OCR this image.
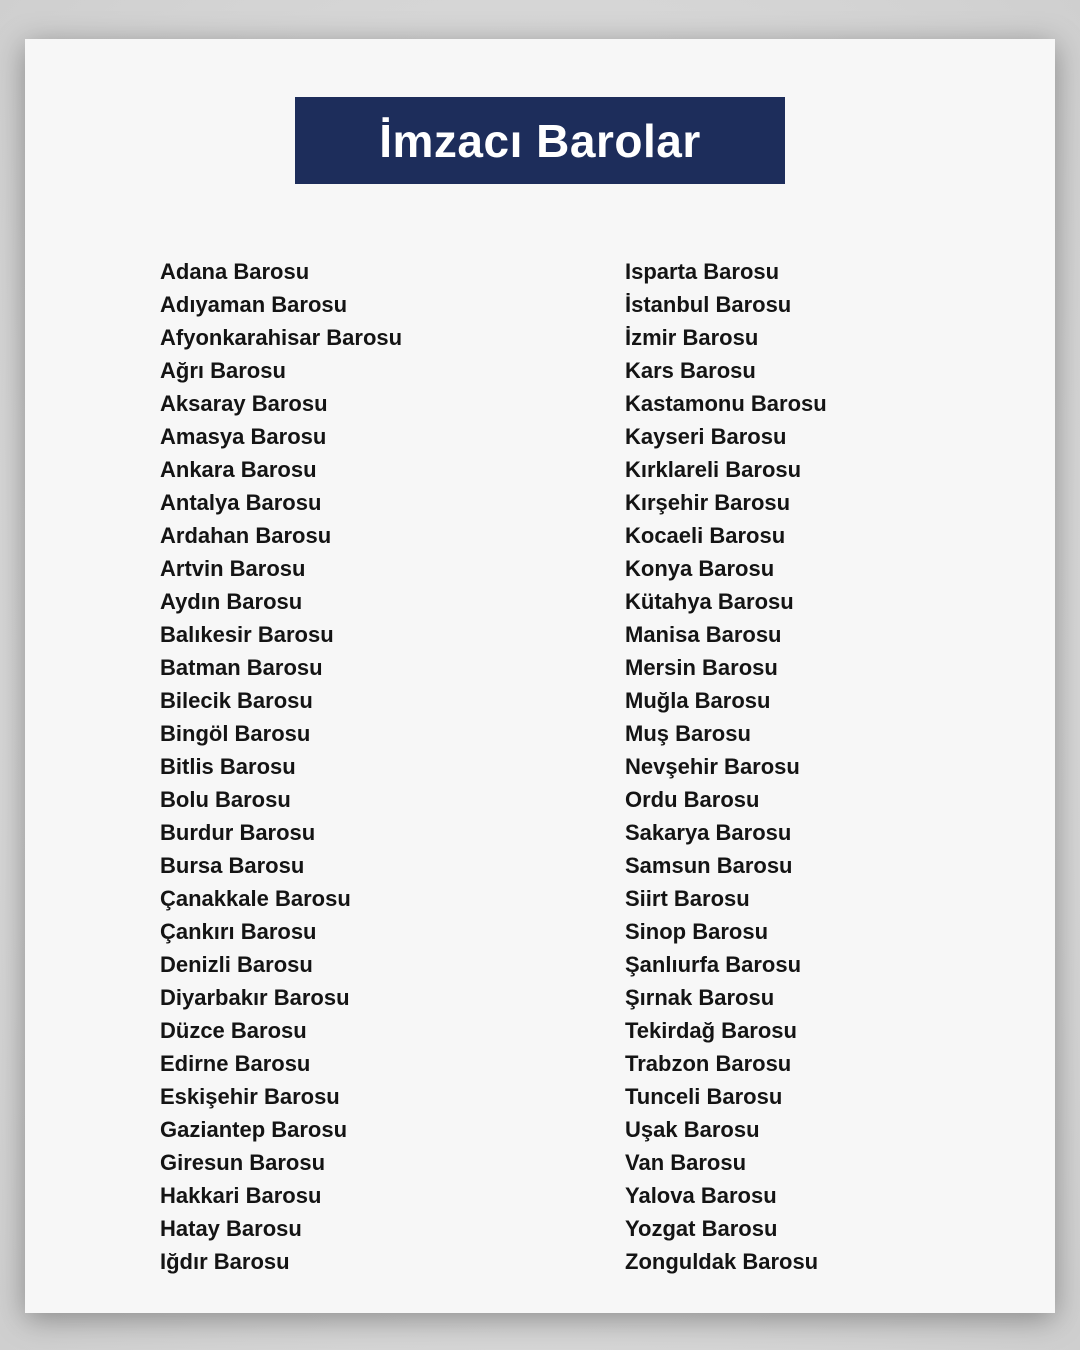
İmzacı Barolar
Adana Barosu
Adıyaman Barosu
Afyonkarahisar Barosu
Ağrı Barosu
Aksaray Barosu
Amasya Barosu
Ankara Barosu
Antalya Barosu
Ardahan Barosu
Artvin Barosu
Aydın Barosu
Balıkesir Barosu
Batman Barosu
Bilecik Barosu
Bingöl Barosu
Bitlis Barosu
Bolu Barosu
Burdur Barosu
Bursa Barosu
Çanakkale Barosu
Çankırı Barosu
Denizli Barosu
Diyarbakır Barosu
Düzce Barosu
Edirne Barosu
Eskişehir Barosu
Gaziantep Barosu
Giresun Barosu
Hakkari Barosu
Hatay Barosu
Iğdır Barosu
Isparta Barosu
İstanbul Barosu
İzmir Barosu
Kars Barosu
Kastamonu Barosu
Kayseri Barosu
Kırklareli Barosu
Kırşehir Barosu
Kocaeli Barosu
Konya Barosu
Kütahya Barosu
Manisa Barosu
Mersin Barosu
Muğla Barosu
Muş Barosu
Nevşehir Barosu
Ordu Barosu
Sakarya Barosu
Samsun Barosu
Siirt Barosu
Sinop Barosu
Şanlıurfa Barosu
Şırnak Barosu
Tekirdağ Barosu
Trabzon Barosu
Tunceli Barosu
Uşak Barosu
Van Barosu
Yalova Barosu
Yozgat Barosu
Zonguldak Barosu
